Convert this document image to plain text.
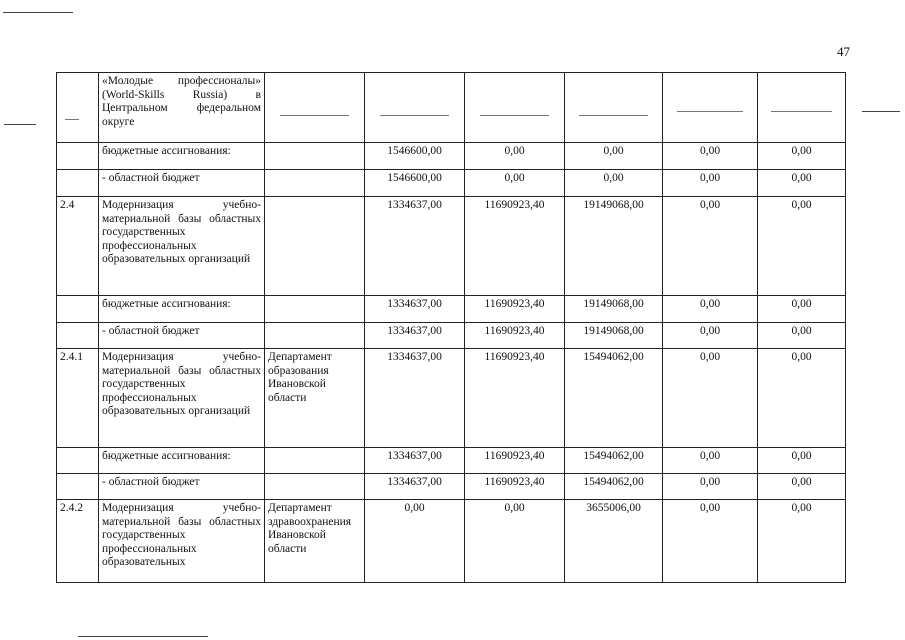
47
	«Молодые профессионалы» (World-Skills Russia) в Центральном федеральном округе	

	бюджетные ассигнования:		1546600,00	0,00	0,00	0,00	0,00
	- областной бюджет		1546600,00	0,00	0,00	0,00	0,00
2.4	Модернизация учебно-материальной базы областных государственных профессиональных образовательных организаций		1334637,00	11690923,40	19149068,00	0,00	0,00
	бюджетные ассигнования:		1334637,00	11690923,40	19149068,00	0,00	0,00
	- областной бюджет		1334637,00	11690923,40	19149068,00	0,00	0,00
2.4.1	Модернизация учебно-материальной базы областных государственных профессиональных образовательных организаций	Департамент образования Ивановской области	1334637,00	11690923,40	15494062,00	0,00	0,00
	бюджетные ассигнования:		1334637,00	11690923,40	15494062,00	0,00	0,00
	- областной бюджет		1334637,00	11690923,40	15494062,00	0,00	0,00
2.4.2	Модернизация учебно-материальной базы областных государственных профессиональных образовательных	Департамент здравоохранения Ивановской области	0,00	0,00	3655006,00	0,00	0,00
